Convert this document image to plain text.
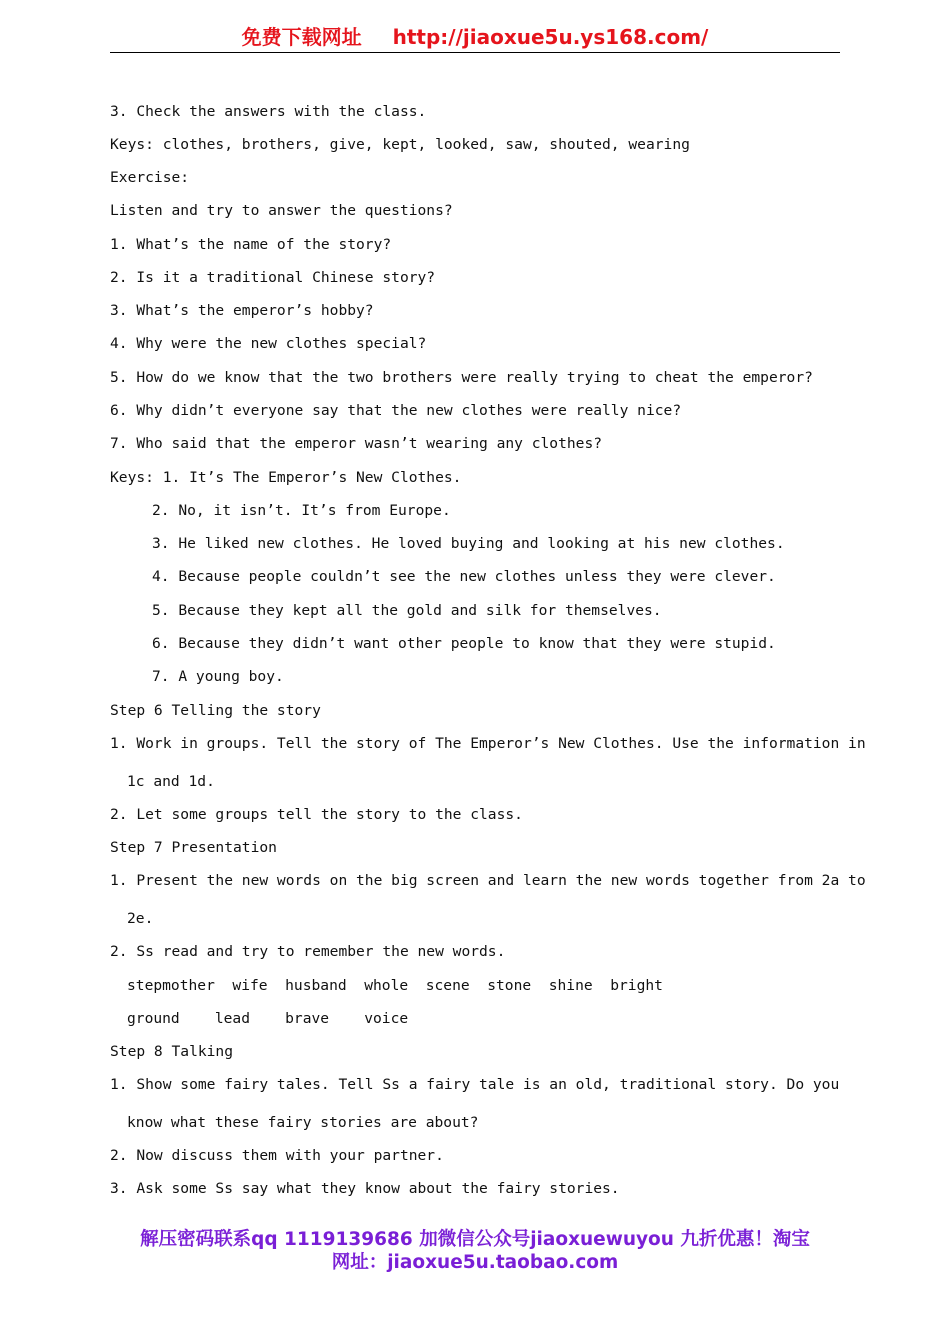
免费下载网址 http://jiaoxue5u.ys168.com/

3. Check the answers with the class.

Keys: clothes, brothers, give, kept, looked, saw, shouted, wearing

Exercise:

Listen and try to answer the questions?

1. What’s the name of the story?

2. Is it a traditional Chinese story?

3. What’s the emperor’s hobby?

4. Why were the new clothes special?

5. How do we know that the two brothers were really trying to cheat the emperor?

6. Why didn’t everyone say that the new clothes were really nice?

7. Who said that the emperor wasn’t wearing any clothes?

Keys: 1. It’s The Emperor’s New Clothes.

2. No, it isn’t. It’s from Europe.

3. He liked new clothes. He loved buying and looking at his new clothes.

4. Because people couldn’t see the new clothes unless they were clever.

5. Because they kept all the gold and silk for themselves.

6. Because they didn’t want other people to know that they were stupid.

7. A young boy.

Step 6 Telling the story

1. Work in groups. Tell the story of The Emperor’s New Clothes. Use the information in

1c and 1d.

2. Let some groups tell the story to the class.

Step 7 Presentation

1. Present the new words on the big screen and learn the new words together from 2a to

2e.

2. Ss read and try to remember the new words.

stepmother  wife  husband  whole  scene  stone  shine  bright

ground    lead    brave    voice

Step 8 Talking

1. Show some fairy tales. Tell Ss a fairy tale is an old, traditional story. Do you

know what these fairy stories are about?

2. Now discuss them with your partner.

3. Ask some Ss say what they know about the fairy stories.

解压密码联系qq 1119139686 加微信公众号jiaoxuewuyou 九折优惠！淘宝
网址：jiaoxue5u.taobao.com
